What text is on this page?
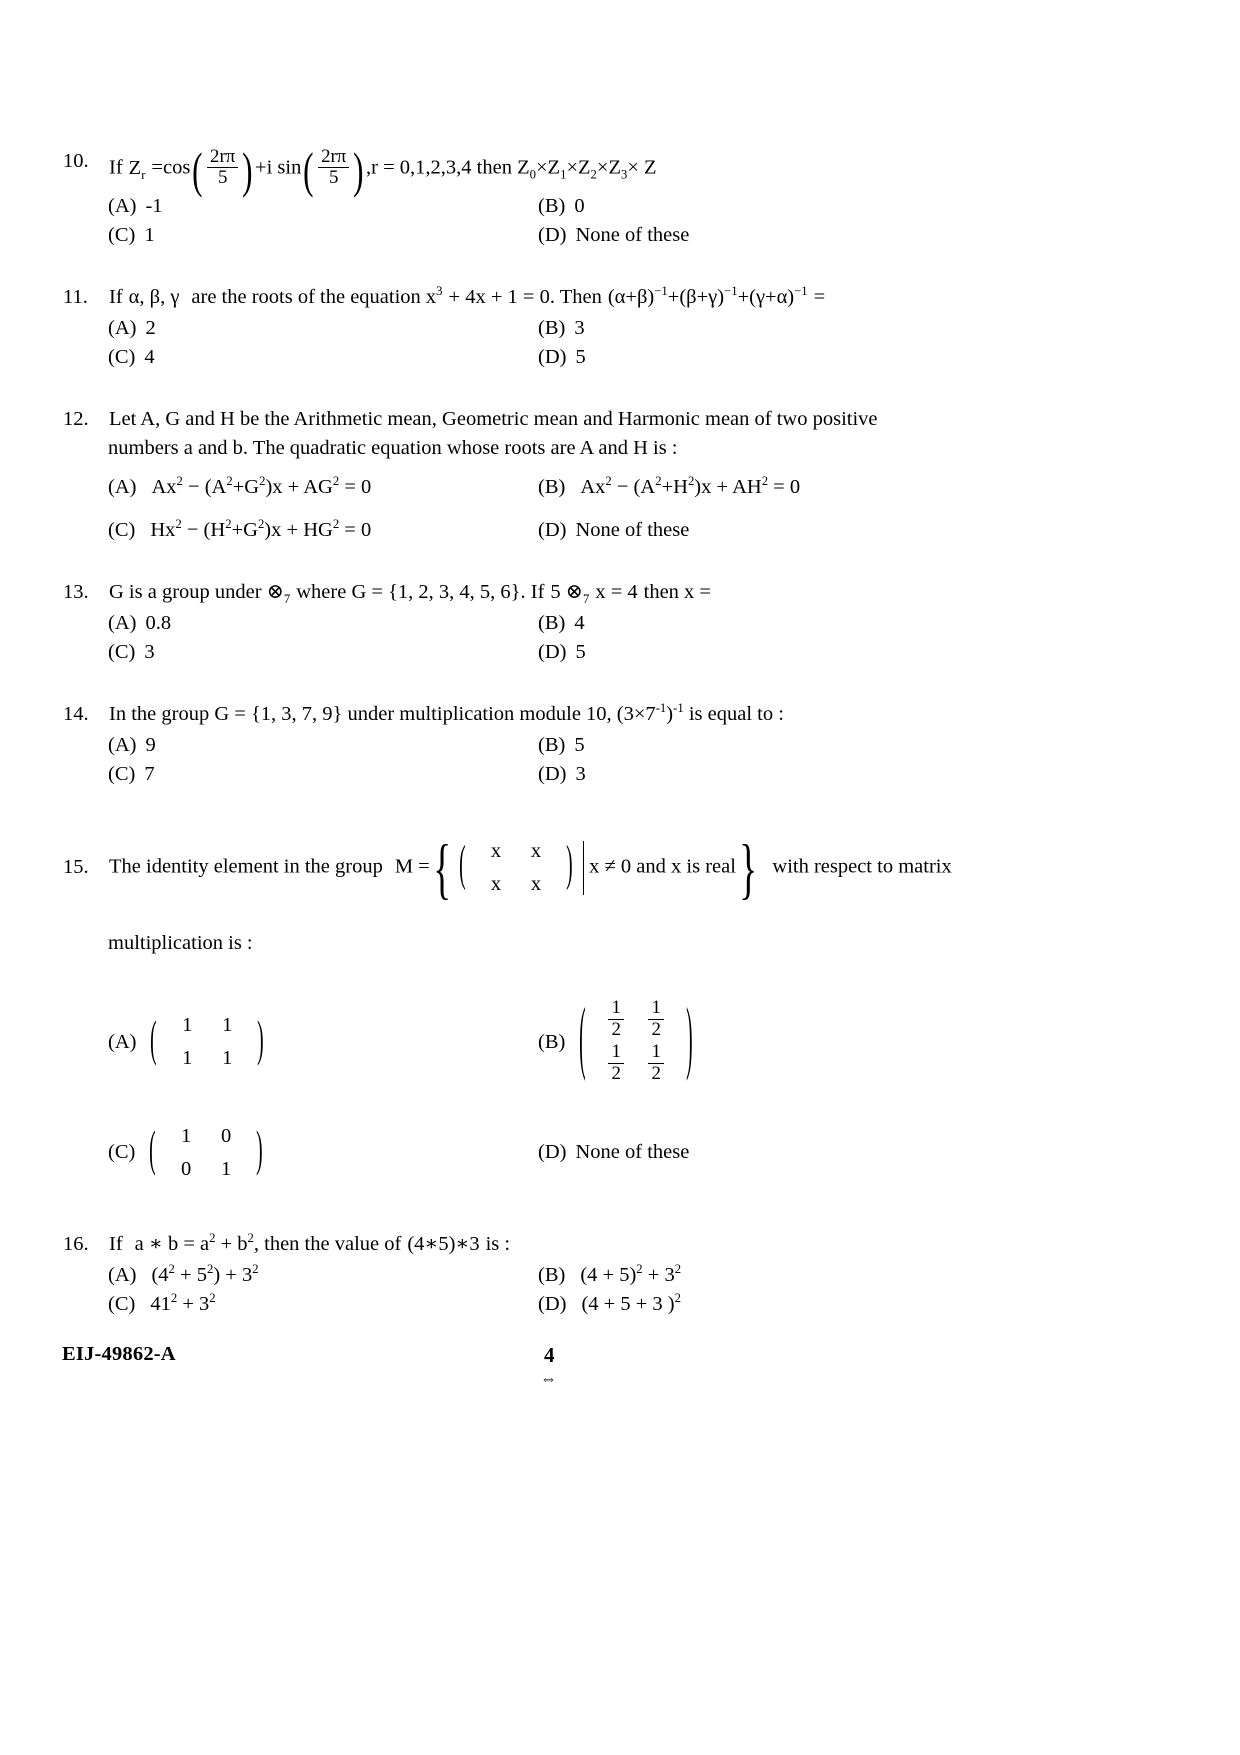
10. If $Z_r =\cos( \frac{2r\pi}{5}$ ) +i $\sin( \frac{2r\pi}{5}$ ) ,r = 0,1,2,3,4 then $Z_0\times Z_1\times Z_2\times Z_3\times Z$
(A) -1	(B) 0
(C) 1	(D) None of these
11.	If α, β, γ are the roots of the equation $x^3 + 4x + 1 = 0$. Then $(\alpha+\beta)^{-1}+(\beta+\gamma)^{-1}+(\gamma+\alpha)^{-1}$ =
(A) 2	(B) 3
(C) 4	(D) 5
12. Let A, G and H be the Arithmetic mean, Geometric mean and Harmonic mean of two positive
numbers a and b. The quadratic equation whose roots are A and H is :
(A) $Ax^2 - (A^2+G^2)x + AG^2 = 0$	(B) $Ax^2 - (A^2+H^2)x + AH^2 = 0$
(C) $Hx^2 - (H^2+G^2)x + HG^2 = 0$	(D) None of these
13. G is a group under $\otimes_7$ where G = {1, 2, 3, 4, 5, 6}. If 5 $\otimes_7$ x = 4 then x =
(A) 0.8	(B) 4
(C) 3	(D) 5
14. In the group G = {1, 3, 7, 9} under multiplication module 10, $(3\times 7^{-1})^{-1}$ is equal to :
(A) 9	(B) 5
(C) 7	(D) 3
15. The identity element in the group M ={ (	x	x
x	x	) x ≠ 0 and x is real} with respect to matrix
multiplication is :
(A) (	1	1
1	1	)	(B) ( $\frac{1}{2} \frac{1}{2}$
$\frac{1}{2} \frac{1}{2}$ )
(C) (	1	0
0	1	)	(D) None of these
16. If a ∗ $b = a^2 + b^2$, then the value of (4∗5)∗3 is :
(A) $(4^2 + 5^2) + 3^2$	(B) $(4 + 5)^2 + 3^2$
(C) $41^2 + 3^2$	(D) (4 + 5 + 3 )$^2$
EIJ-49862-A	4
⇔
